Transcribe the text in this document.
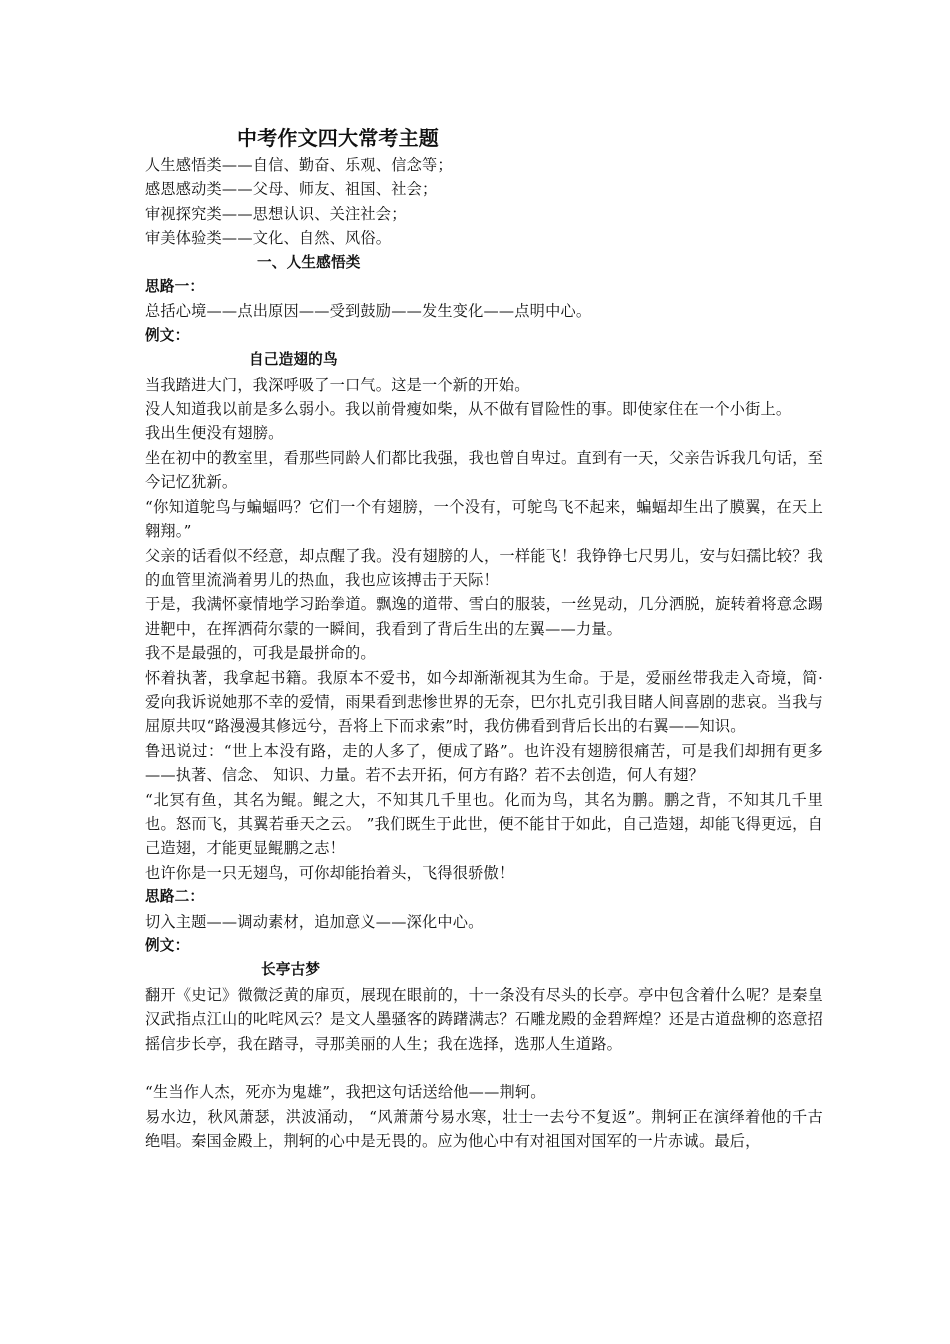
中考作文四大常考主题

人生感悟类——自信、勤奋、乐观、信念等；

感恩感动类——父母、师友、祖国、社会；

审视探究类——思想认识、关注社会；

审美体验类——文化、自然、风俗。

一、人生感悟类

思路一：

总括心境——点出原因——受到鼓励——发生变化——点明中心。

例文：

自己造翅的鸟

当我踏进大门，我深呼吸了一口气。这是一个新的开始。

没人知道我以前是多么弱小。我以前骨瘦如柴，从不做有冒险性的事。即使家住在一个小街上。

我出生便没有翅膀。

坐在初中的教室里，看那些同龄人们都比我强，我也曾自卑过。直到有一天，父亲告诉我几句话，至今记忆犹新。

“你知道鸵鸟与蝙蝠吗？它们一个有翅膀，一个没有，可鸵鸟飞不起来，蝙蝠却生出了膜翼，在天上翱翔。”

父亲的话看似不经意，却点醒了我。没有翅膀的人，一样能飞！我铮铮七尺男儿，安与妇孺比较？我的血管里流淌着男儿的热血，我也应该搏击于天际！

于是，我满怀豪情地学习跆拳道。飘逸的道带、雪白的服装，一丝晃动，几分洒脱，旋转着将意念踢进靶中，在挥洒荷尔蒙的一瞬间，我看到了背后生出的左翼——力量。

我不是最强的，可我是最拼命的。

怀着执著，我拿起书籍。我原本不爱书，如今却渐渐视其为生命。于是，爱丽丝带我走入奇境，简·爱向我诉说她那不幸的爱情，雨果看到悲惨世界的无奈，巴尔扎克引我目睹人间喜剧的悲哀。当我与屈原共叹“路漫漫其修远兮，吾将上下而求索”时，我仿佛看到背后长出的右翼——知识。

鲁迅说过：“世上本没有路，走的人多了，便成了路”。也许没有翅膀很痛苦，可是我们却拥有更多——执著、信念、 知识、力量。若不去开拓，何方有路？若不去创造，何人有翅？

“北冥有鱼，其名为鲲。鲲之大，不知其几千里也。化而为鸟，其名为鹏。鹏之背，不知其几千里也。怒而飞，其翼若垂天之云。 ”我们既生于此世，便不能甘于如此，自己造翅，却能飞得更远，自己造翅，才能更显鲲鹏之志！

也许你是一只无翅鸟，可你却能抬着头，飞得很骄傲！

思路二：

切入主题——调动素材，追加意义——深化中心。

例文：

长亭古梦

翻开《史记》微微泛黄的扉页，展现在眼前的，十一条没有尽头的长亭。亭中包含着什么呢？是秦皇汉武指点江山的叱咤风云？是文人墨骚客的踌躇满志？石雕龙殿的金碧辉煌？还是古道盘柳的恣意招摇信步长亭，我在踏寻，寻那美丽的人生；我在选择，选那人生道路。

“生当作人杰，死亦为鬼雄”，我把这句话送给他——荆轲。

易水边，秋风萧瑟，洪波涌动， “风萧萧兮易水寒，壮士一去兮不复返”。荆轲正在演绎着他的千古绝唱。秦国金殿上，荆轲的心中是无畏的。应为他心中有对祖国对国军的一片赤诚。最后，
